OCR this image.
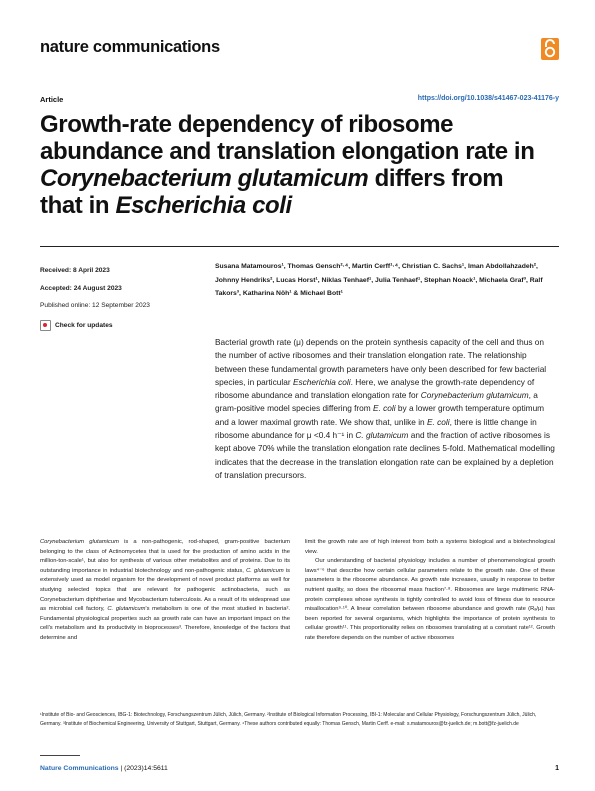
nature communications
Article	https://doi.org/10.1038/s41467-023-41176-y
Growth-rate dependency of ribosome
abundance and translation elongation rate in
Corynebacterium glutamicum differs from
that in Escherichia coli
Received: 8 April 2023
Accepted: 24 August 2023
Published online: 12 September 2023
Check for updates
Susana Matamouros¹, Thomas Gensch²·⁴, Martin Cerff¹·⁴, Christian C. Sachs¹, Iman Abdollahzadeh², Johnny Hendriks², Lucas Horst¹, Niklas Tenhaef¹, Julia Tenhaef¹, Stephan Noack¹, Michaela Graf³, Ralf Takors³, Katharina Nöh¹ & Michael Bott¹
Bacterial growth rate (μ) depends on the protein synthesis capacity of the cell and thus on the number of active ribosomes and their translation elongation rate. The relationship between these fundamental growth parameters have only been described for few bacterial species, in particular Escherichia coli. Here, we analyse the growth-rate dependency of ribosome abundance and translation elongation rate for Corynebacterium glutamicum, a gram-positive model species differing from E. coli by a lower growth temperature optimum and a lower maximal growth rate. We show that, unlike in E. coli, there is little change in ribosome abundance for μ <0.4 h⁻¹ in C. glutamicum and the fraction of active ribosomes is kept above 70% while the translation elongation rate declines 5-fold. Mathematical modelling indicates that the decrease in the translation elongation rate can be explained by a depletion of translation precursors.
Corynebacterium glutamicum is a non-pathogenic, rod-shaped, gram-positive bacterium belonging to the class of Actinomycetes that is used for the production of amino acids in the million-ton-scale¹, but also for synthesis of various other metabolites and of proteins. Due to its outstanding importance in industrial biotechnology and non-pathogenic status, C. glutamicum is extensively used as model organism for the development of novel product platforms as well for studying selected topics that are relevant for pathogenic actinobacteria, such as Corynebacterium diphtheriae and Mycobacterium tuberculosis. As a result of its widespread use as microbial cell factory, C. glutamicum's metabolism is one of the most studied in bacteria². Fundamental physiological properties such as growth rate can have an important impact on the cell's metabolism and its productivity in bioprocesses³. Therefore, knowledge of the factors that determine and
limit the growth rate are of high interest from both a systems biological and a biotechnological view.
Our understanding of bacterial physiology includes a number of phenomenological growth laws⁴⁻⁶ that describe how certain cellular parameters relate to the growth rate. One of these parameters is the ribosome abundance. As growth rate increases, usually in response to better nutrient quality, so does the ribosomal mass fraction⁷·⁸. Ribosomes are large multimeric RNA-protein complexes whose synthesis is tightly controlled to avoid loss of fitness due to resource misallocation⁹·¹⁰. A linear correlation between ribosome abundance and growth rate (Rₐ/μ) has been reported for several organisms, which highlights the importance of protein synthesis to cellular growth¹¹. This proportionality relies on ribosomes translating at a constant rate¹². Growth rate therefore depends on the number of active ribosomes
¹Institute of Bio- and Geosciences, IBG-1: Biotechnology, Forschungszentrum Jülich, Jülich, Germany. ²Institute of Biological Information Processing, IBI-1: Molecular and Cellular Physiology, Forschungszentrum Jülich, Jülich, Germany. ³Institute of Biochemical Engineering, University of Stuttgart, Stuttgart, Germany. ⁴These authors contributed equally: Thomas Gensch, Martin Cerff. e-mail: s.matamouros@fz-juelich.de; m.bott@fz-juelich.de
Nature Communications | (2023)14:5611	1
